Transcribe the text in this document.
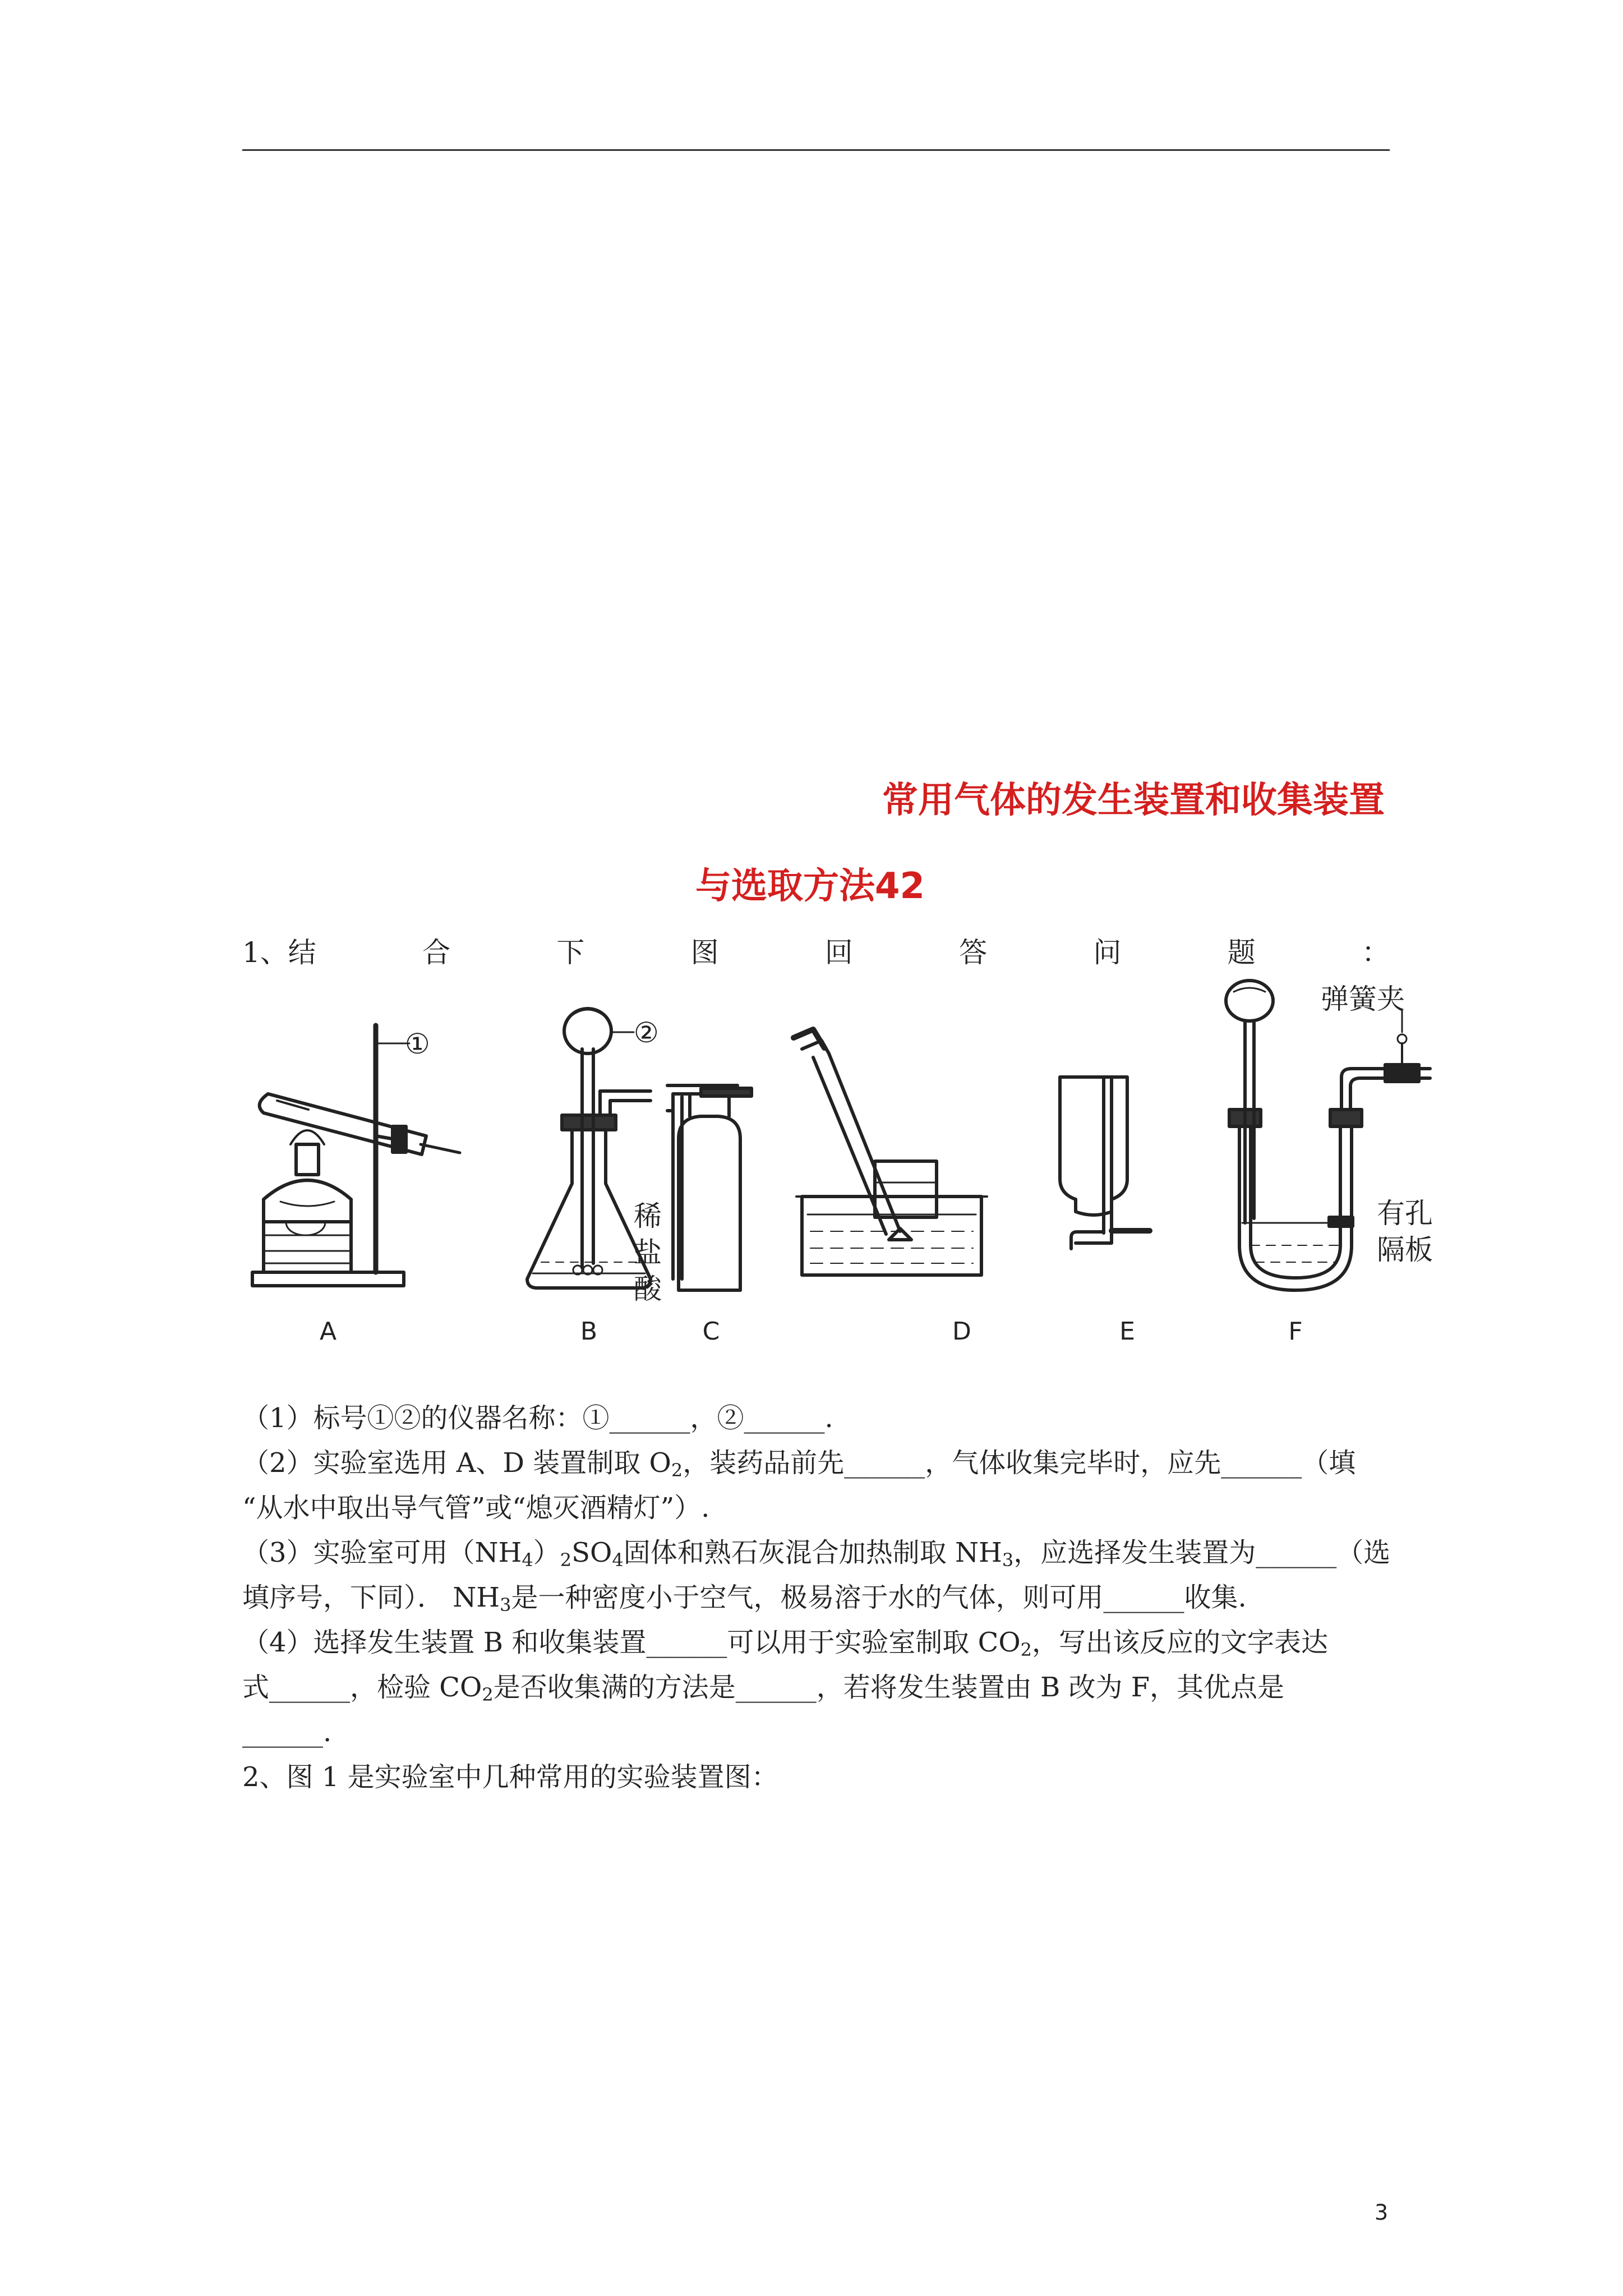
常用气体的发生装置和收集装置
与选取方法42
1、结	合	下	图	回	答	问	题	：
A	B	C	D	E	F
①	②
稀
盐
酸
弹簧夹
有孔
隔板
（1）标号①②的仪器名称：①______，②______.
（2）实验室选用 A、D 装置制取 $O_2$，装药品前先______，气体收集完毕时，应先______（填
“从水中取出导气管”或“熄灭酒精灯”）.
（3）实验室可用$(NH_4)_2SO_4$固体和熟石灰混合加热制取 $NH_3$，应选择发生装置为______（选
填序号，下同）． $NH_3$是一种密度小于空气，极易溶于水的气体，则可用______收集.
（4）选择发生装置 B 和收集装置______可以用于实验室制取 $CO_2$，写出该反应的文字表达
式______，检验 $CO_2$是否收集满的方法是______，若将发生装置由 B 改为 F，其优点是
______.
2、图 1 是实验室中几种常用的实验装置图：
3
